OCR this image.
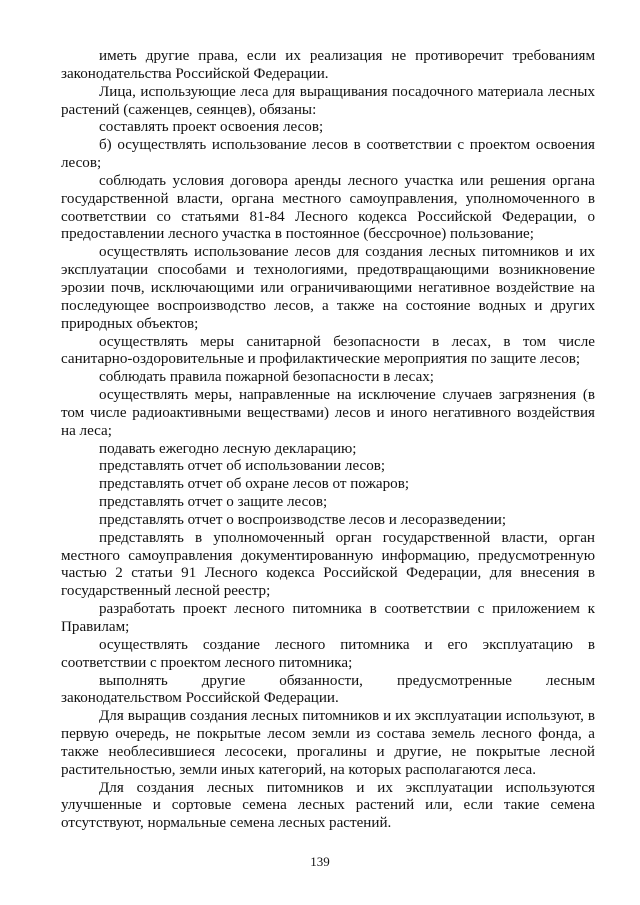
иметь другие права, если их реализация не противоречит требованиям законодательства Российской Федерации.

Лица, использующие леса для выращивания посадочного материала лесных растений (саженцев, сеянцев), обязаны:

составлять проект освоения лесов;

б) осуществлять использование лесов в соответствии с проектом освоения лесов;

соблюдать условия договора аренды лесного участка или решения органа государственной власти, органа местного самоуправления, уполномоченного в соответствии со статьями 81-84 Лесного кодекса Российской Федерации, о предоставлении лесного участка в постоянное (бессрочное) пользование;

осуществлять использование лесов для создания лесных питомников и их эксплуатации способами и технологиями, предотвращающими возникновение эрозии почв, исключающими или ограничивающими негативное воздействие на последующее воспроизводство лесов, а также на состояние водных и других природных объектов;

осуществлять меры санитарной безопасности в лесах, в том числе санитарно-оздоровительные и профилактические мероприятия по защите лесов;

соблюдать правила пожарной безопасности в лесах;

осуществлять меры, направленные на исключение случаев загрязнения (в том числе радиоактивными веществами) лесов и иного негативного воздействия на леса;

подавать ежегодно лесную декларацию;

представлять отчет об использовании лесов;

представлять отчет об охране лесов от пожаров;

представлять отчет о защите лесов;

представлять отчет о воспроизводстве лесов и лесоразведении;

представлять в уполномоченный орган государственной власти, орган местного самоуправления документированную информацию, предусмотренную частью 2 статьи 91 Лесного кодекса Российской Федерации, для внесения в государственный лесной реестр;

разработать проект лесного питомника в соответствии с приложением к Правилам;

осуществлять создание лесного питомника и его эксплуатацию в соответствии с проектом лесного питомника;

выполнять другие обязанности, предусмотренные лесным законодательством Российской Федерации.

Для выращив создания лесных питомников и их эксплуатации используют, в первую очередь, не покрытые лесом земли из состава земель лесного фонда, а также необлесившиеся лесосеки, прогалины и другие, не покрытые лесной растительностью, земли иных категорий, на которых располагаются леса.

Для создания лесных питомников и их эксплуатации используются улучшенные и сортовые семена лесных растений или, если такие семена отсутствуют, нормальные семена лесных растений.

139
